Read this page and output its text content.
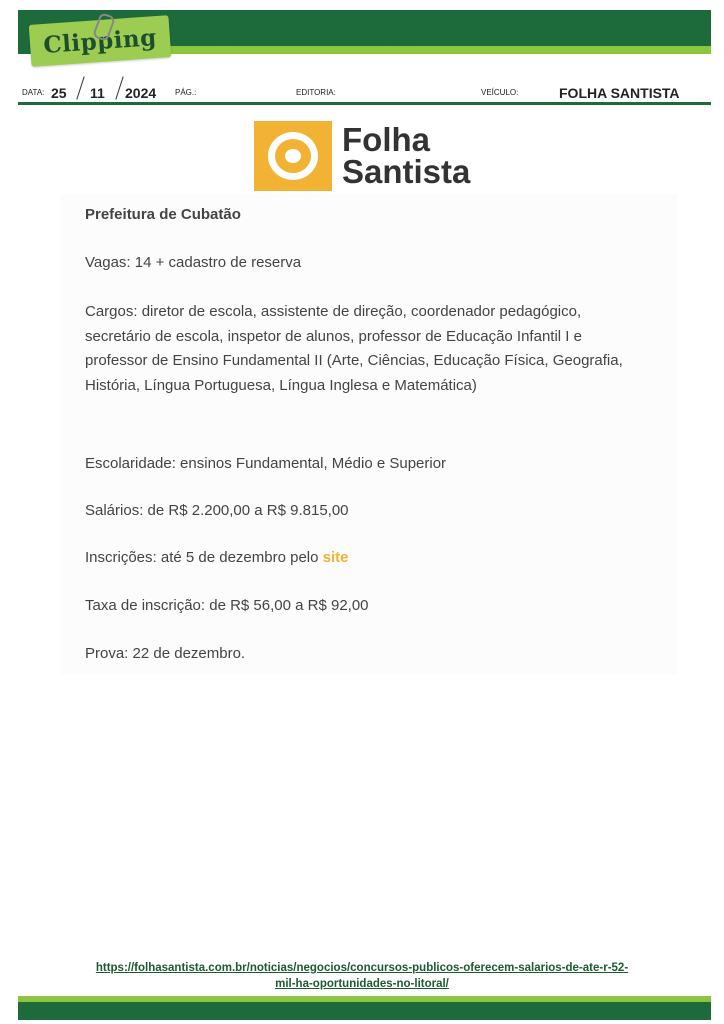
Clipping ON-LINE • DEPARTAMENTO DE IMPRENSA • PMC
DATA: 25 11 2024 PÁG.:	EDITORIA:	VEÍCULO:	FOLHA SANTISTA
Folha
Santista
Prefeitura de Cubatão
Vagas: 14 + cadastro de reserva
Cargos: diretor de escola, assistente de direção, coordenador pedagógico, secretário de escola, inspetor de alunos, professor de Educação Infantil I e professor de Ensino Fundamental II (Arte, Ciências, Educação Física, Geografia, História, Língua Portuguesa, Língua Inglesa e Matemática)
Escolaridade: ensinos Fundamental, Médio e Superior
Salários: de R$ 2.200,00 a R$ 9.815,00
Inscrições: até 5 de dezembro pelo site
Taxa de inscrição: de R$ 56,00 a R$ 92,00
Prova: 22 de dezembro.
https://folhasantista.com.br/noticias/negocios/concursos-publicos-oferecem-salarios-de-ate-r-52-
mil-ha-oportunidades-no-litoral/
